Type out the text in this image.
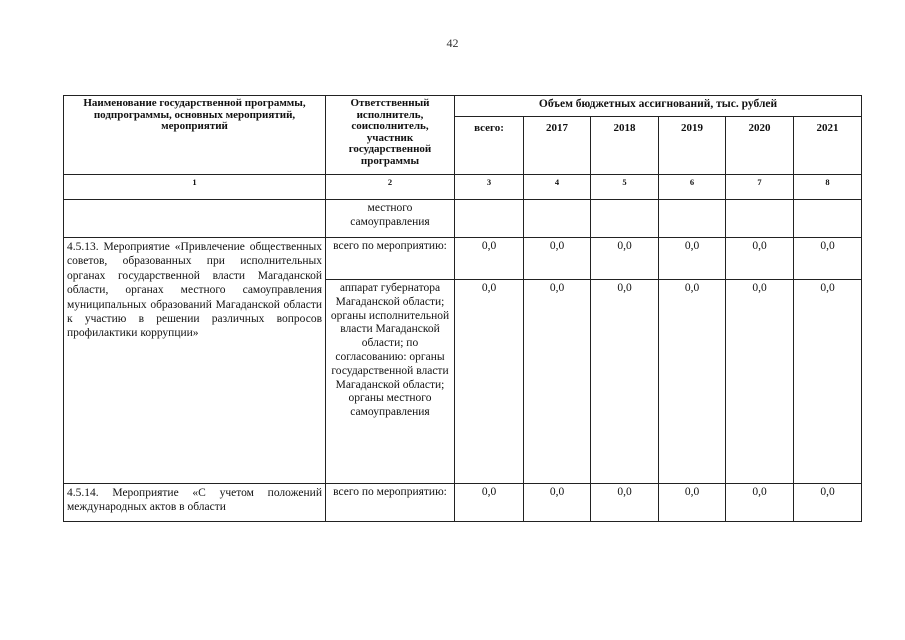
42
Наименование государственной программы, подпрограммы, основных мероприятий, мероприятий	Ответственный исполнитель, соисполнитель, участник государственной программы	Объем бюджетных ассигнований, тыс. рублей					
		всего:	2017	2018	2019	2020	2021
1	2	3	4	5	6	7	8
	местного самоуправления						
4.5.13. Мероприятие «Привлечение общественных советов, образованных при исполнительных органах государственной власти Магаданской области, органах местного самоуправления муниципальных образований Магаданской области к участию в решении различных вопросов профилактики коррупции»	всего по мероприятию:	0,0	0,0	0,0	0,0	0,0	0,0
	аппарат губернатора Магаданской области; органы исполнительной власти Магаданской области; по согласованию: органы государственной власти Магаданской области; органы местного самоуправления	0,0	0,0	0,0	0,0	0,0	0,0
4.5.14. Мероприятие «С учетом положений международных актов в области	всего по мероприятию:	0,0	0,0	0,0	0,0	0,0	0,0
